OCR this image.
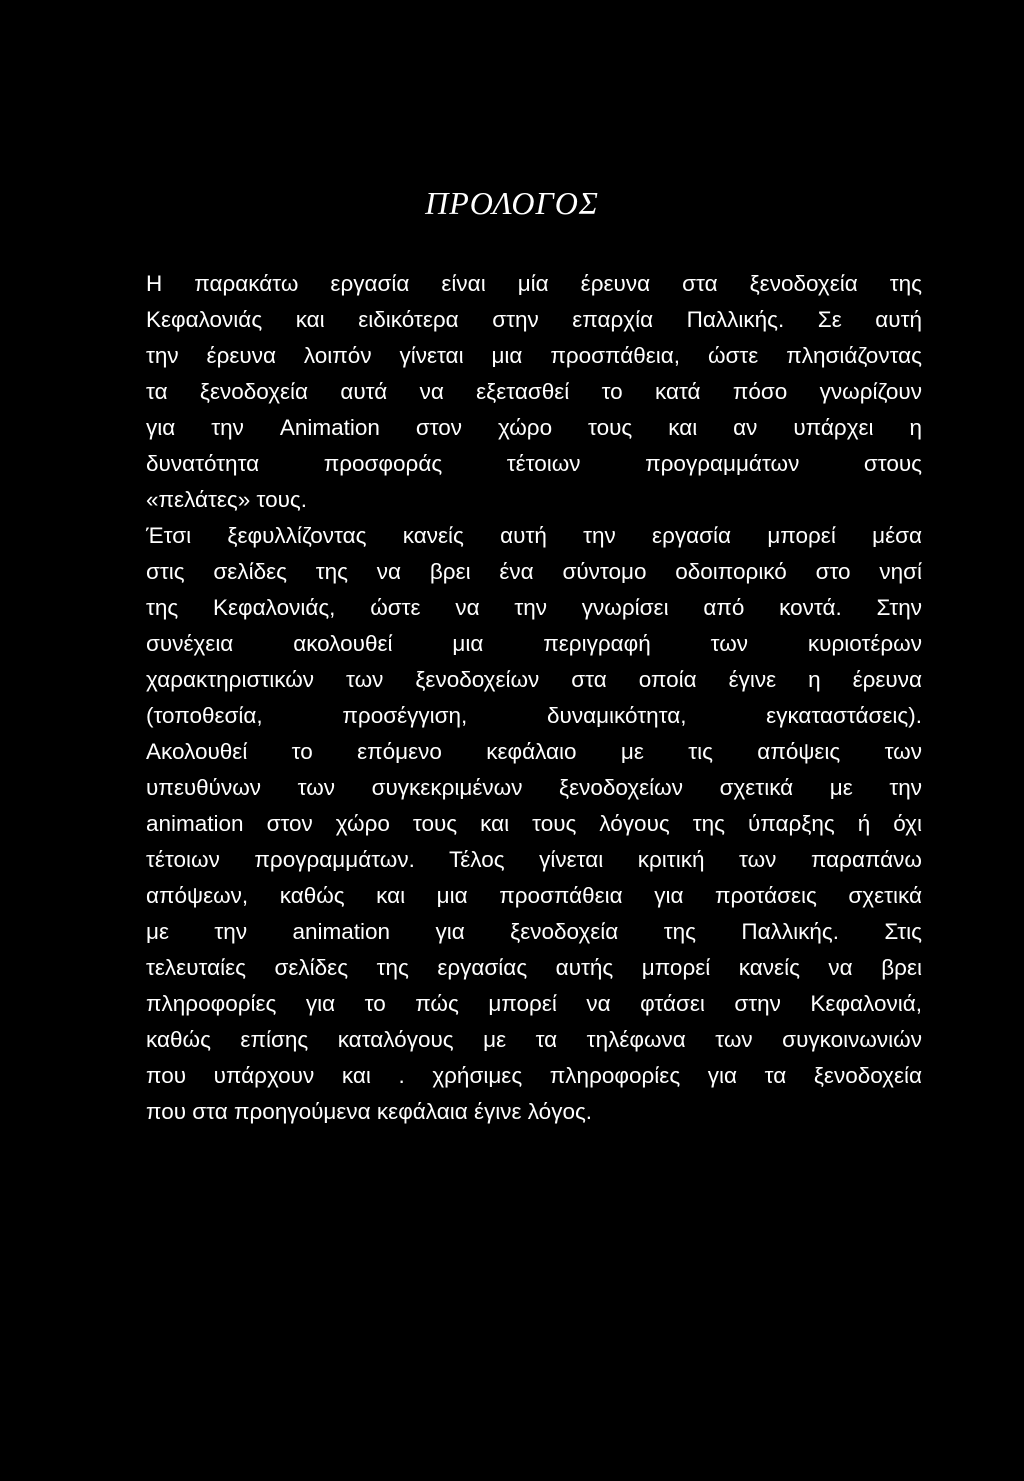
ΠΡΟΛΟΓΟΣ
Η παρακάτω εργασία είναι μία έρευνα στα ξενοδοχεία της
Κεφαλονιάς και ειδικότερα στην επαρχία Παλλικής. Σε αυτή
την έρευνα λοιπόν γίνεται μια προσπάθεια, ώστε πλησιάζοντας
τα ξενοδοχεία αυτά να εξετασθεί το κατά πόσο γνωρίζουν
για την Animation στον χώρο τους και αν υπάρχει η
δυνατότητα προσφοράς τέτοιων προγραμμάτων στους
«πελάτες» τους.
Έτσι ξεφυλλίζοντας κανείς αυτή την εργασία μπορεί μέσα
στις σελίδες της να βρει ένα σύντομο οδοιπορικό στο νησί
της Κεφαλονιάς, ώστε να την γνωρίσει από κοντά. Στην
συνέχεια ακολουθεί μια περιγραφή των κυριοτέρων
χαρακτηριστικών των ξενοδοχείων στα οποία έγινε η έρευνα
(τοποθεσία, προσέγγιση, δυναμικότητα, εγκαταστάσεις).
Ακολουθεί το επόμενο κεφάλαιο με τις απόψεις των
υπευθύνων των συγκεκριμένων ξενοδοχείων σχετικά με την
animation στον χώρο τους και τους λόγους της ύπαρξης ή όχι
τέτοιων προγραμμάτων. Τέλος γίνεται κριτική των παραπάνω
απόψεων, καθώς και μια προσπάθεια για προτάσεις σχετικά
με την animation για ξενοδοχεία της Παλλικής. Στις
τελευταίες σελίδες της εργασίας αυτής μπορεί κανείς να βρει
πληροφορίες για το πώς μπορεί να φτάσει στην Κεφαλονιά,
καθώς επίσης καταλόγους με τα τηλέφωνα των συγκοινωνιών
που υπάρχουν και . χρήσιμες πληροφορίες για τα ξενοδοχεία
που στα προηγούμενα κεφάλαια έγινε λόγος.
